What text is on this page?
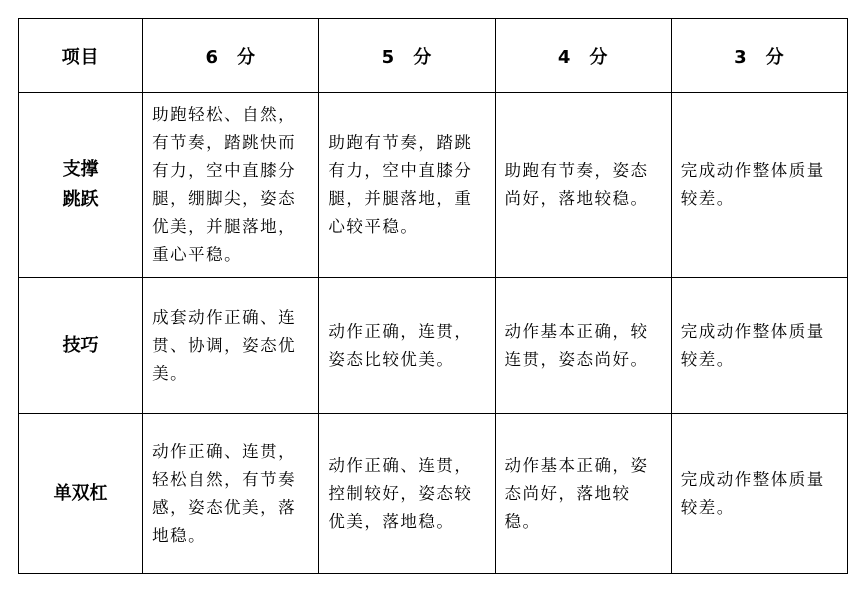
项目	6 分	5 分	4 分	3 分

支撑
跳跃	助跑轻松、自然，有节奏，踏跳快而有力，空中直膝分腿，绷脚尖，姿态优美，并腿落地，重心平稳。	助跑有节奏，踏跳有力，空中直膝分腿，并腿落地，重心较平稳。	助跑有节奏，姿态尚好，落地较稳。	完成动作整体质量较差。

技巧	成套动作正确、连贯、协调，姿态优美。	动作正确，连贯，姿态比较优美。	动作基本正确，较连贯，姿态尚好。	完成动作整体质量较差。

单双杠	动作正确、连贯，轻松自然，有节奏感，姿态优美，落地稳。	动作正确、连贯，控制较好，姿态较优美，落地稳。	动作基本正确，姿态尚好，落地较稳。	完成动作整体质量较差。
